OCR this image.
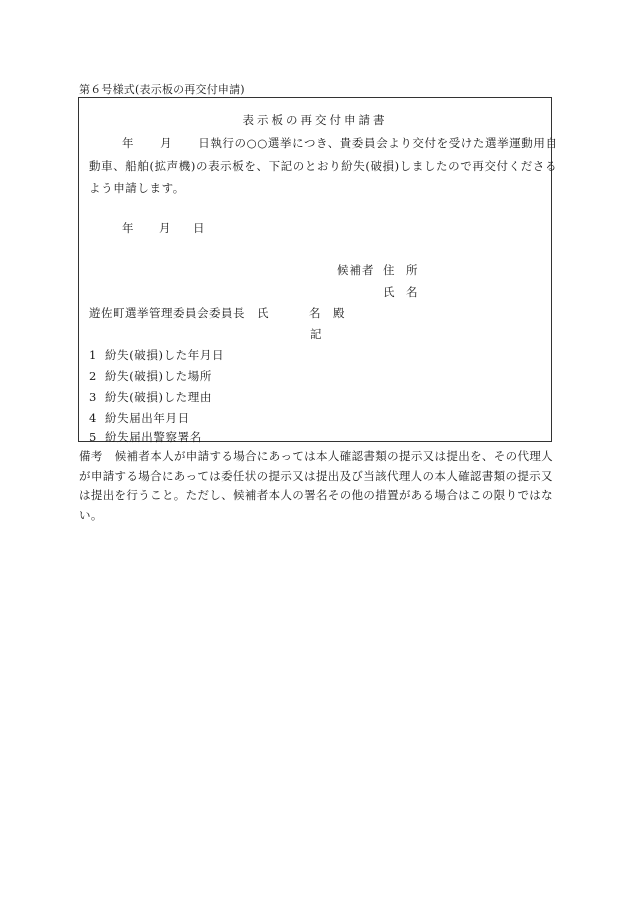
第６号様式(表示板の再交付申請)
表示板の再交付申請書
年 月 日執行の○○選挙につき、貴委員会より交付を受けた選挙運動用自
動車、船舶(拡声機)の表示板を、下記のとおり紛失(破損)しましたので再交付くださる
よう申請します。
年 月 日
候補者 住　所
氏　名
遊佐町選挙管理委員会委員長　氏	名 殿
記
1 紛失(破損)した年月日
2 紛失(破損)した場所
3 紛失(破損)した理由
4 紛失届出年月日
5 紛失届出警察署名
備考 候補者本人が申請する場合にあっては本人確認書類の提示又は提出を、その代理人
が申請する場合にあっては委任状の提示又は提出及び当該代理人の本人確認書類の提示又
は提出を行うこと。ただし、候補者本人の署名その他の措置がある場合はこの限りではな
い。
